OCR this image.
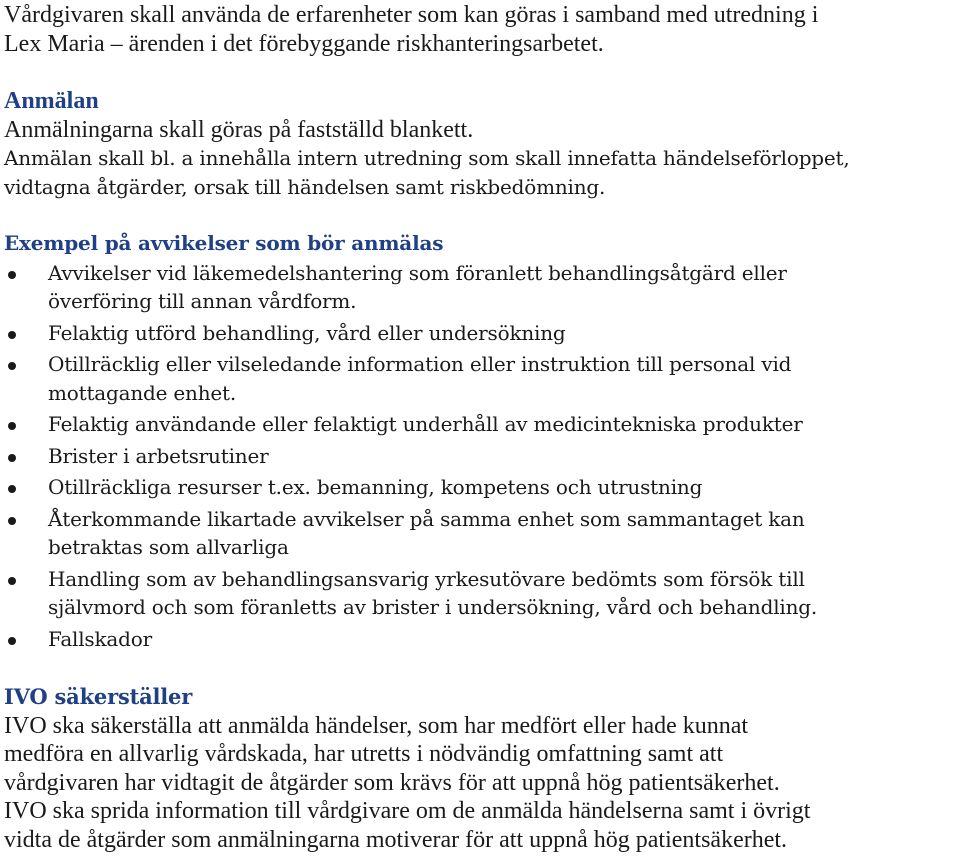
Vårdgivaren skall använda de erfarenheter som kan göras i samband med utredning i

Lex Maria – ärenden i det förebyggande riskhanteringsarbetet.

Anmälan

Anmälningarna skall göras på fastställd blankett.

Anmälan skall bl. a innehålla intern utredning som skall innefatta händelseförloppet,

vidtagna åtgärder, orsak till händelsen samt riskbedömning.

Exempel på avvikelser som bör anmälas

Avvikelser vid läkemedelshantering som föranlett behandlingsåtgärd eller
överföring till annan vårdform.
Felaktig utförd behandling, vård eller undersökning
Otillräcklig eller vilseledande information eller instruktion till personal vid
mottagande enhet.
Felaktig användande eller felaktigt underhåll av medicintekniska produkter
Brister i arbetsrutiner
Otillräckliga resurser t.ex. bemanning, kompetens och utrustning
Återkommande likartade avvikelser på samma enhet som sammantaget kan
betraktas som allvarliga
Handling som av behandlingsansvarig yrkesutövare bedömts som försök till
självmord och som föranletts av brister i undersökning, vård och behandling.
Fallskador

IVO säkerställer

IVO ska säkerställa att anmälda händelser, som har medfört eller hade kunnat

medföra en allvarlig vårdskada, har utretts i nödvändig omfattning samt att

vårdgivaren har vidtagit de åtgärder som krävs för att uppnå hög patientsäkerhet.

IVO ska sprida information till vårdgivare om de anmälda händelserna samt i övrigt

vidta de åtgärder som anmälningarna motiverar för att uppnå hög patientsäkerhet.
